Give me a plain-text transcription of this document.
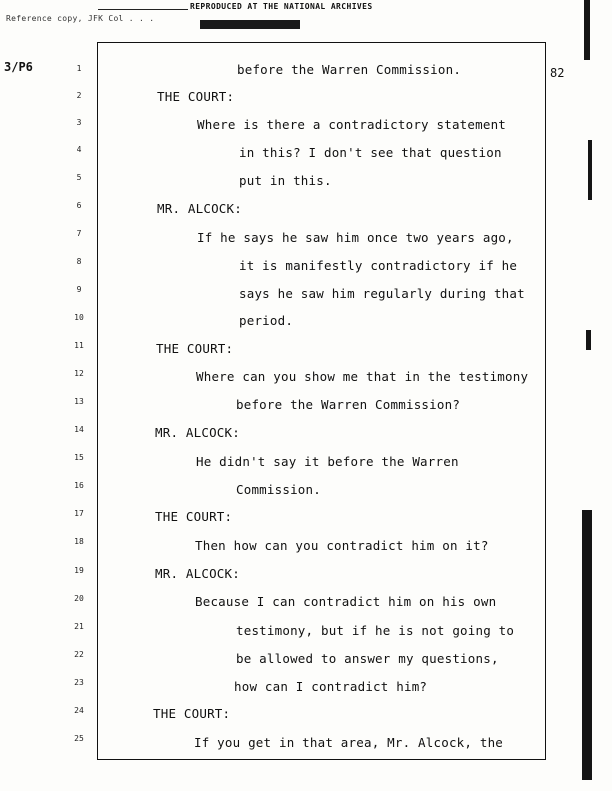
REPRODUCED AT THE NATIONAL ARCHIVES
Reference copy, JFK Col . . .
3/P6	82
1	before the Warren Commission.
2	THE COURT:
3	Where is there a contradictory statement
4	in this? I don't see that question
5	put in this.
6	MR. ALCOCK:
7	If he says he saw him once two years ago,
8	it is manifestly contradictory if he
9	says he saw him regularly during that
10	period.
11	THE COURT:
12	Where can you show me that in the testimony
13	before the Warren Commission?
14	MR. ALCOCK:
15	He didn't say it before the Warren
16	Commission.
17	THE COURT:
18	Then how can you contradict him on it?
19	MR. ALCOCK:
20	Because I can contradict him on his own
21	testimony, but if he is not going to
22	be allowed to answer my questions,
23	how can I contradict him?
24	THE COURT:
25	If you get in that area, Mr. Alcock, the
